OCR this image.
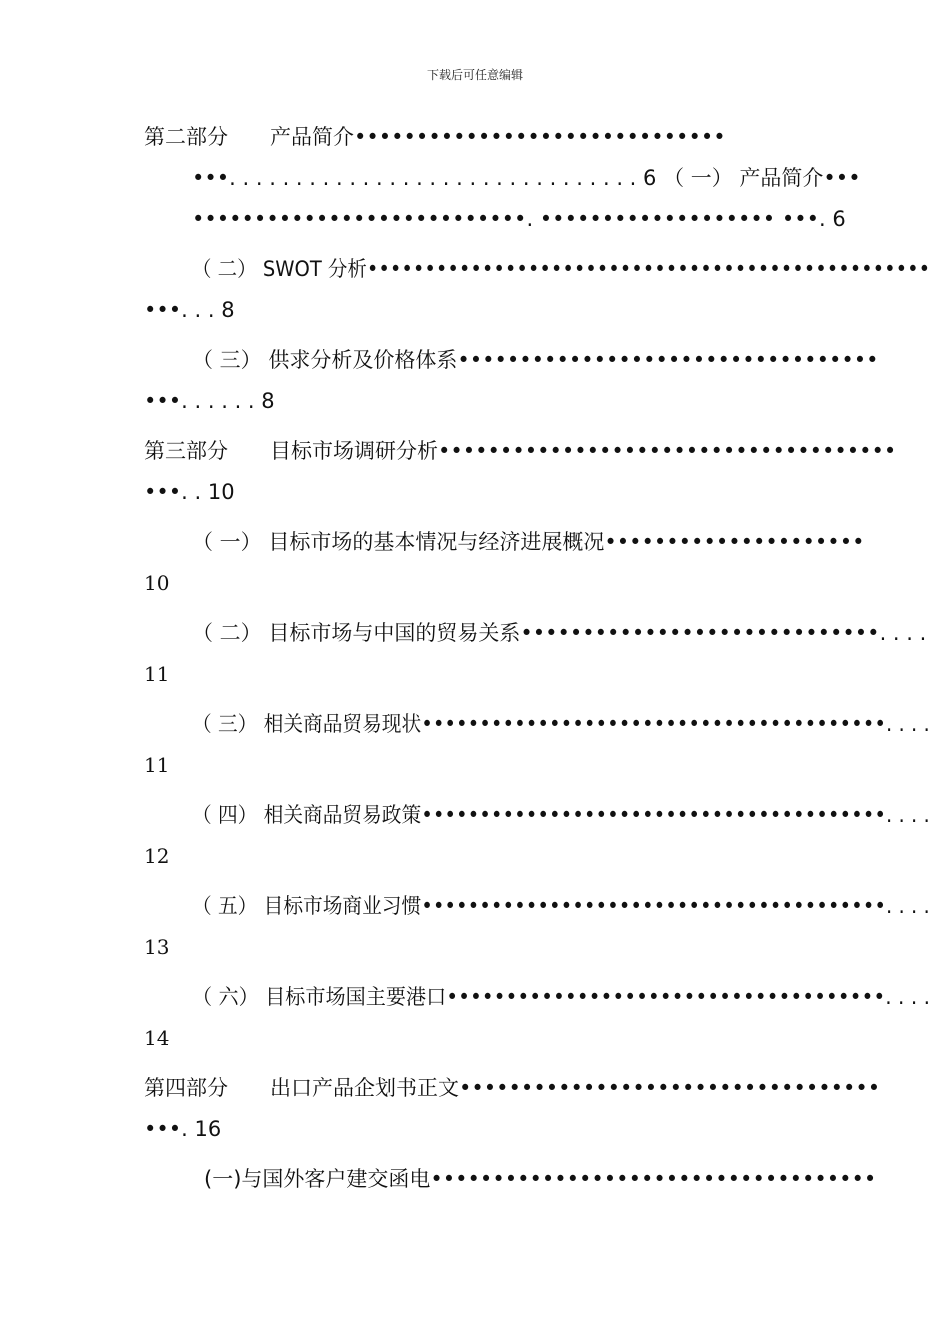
下载后可任意编辑
第二部分　　产品简介••••••••••••••••••••••••••••••
•••. . . . . . . . . . . . . . . . . . . . . . . . . . . . . . . 6 （ 一） 产品简介•••
•••••••••••••••••••••••••••. ••••••••••••••••••• •••. 6
（ 二） SWOT 分析•••••••••••••••••••••••••••••••••••••••••••••••••
•••. . . 8
（ 三） 供求分析及价格体系••••••••••••••••••••••••••••••••••
•••. . . . . . 8
第三部分　　目标市场调研分析•••••••••••••••••••••••••••••••••••••
•••. . 10
（ 一） 目标市场的基本情况与经济进展概况•••••••••••••••••••••
10
（ 二） 目标市场与中国的贸易关系•••••••••••••••••••••••••••••. . . .
11
（ 三） 相关商品贸易现状••••••••••••••••••••••••••••••••••••••••. . . .
11
（ 四） 相关商品贸易政策••••••••••••••••••••••••••••••••••••••••. . . .
12
（ 五） 目标市场商业习惯••••••••••••••••••••••••••••••••••••••••. . . .
13
（ 六） 目标市场国主要港口•••••••••••••••••••••••••••••••••••••. . . .
14
第四部分　　出口产品企划书正文••••••••••••••••••••••••••••••••••
•••. 16
(一)与国外客户建交函电••••••••••••••••••••••••••••••••••••
